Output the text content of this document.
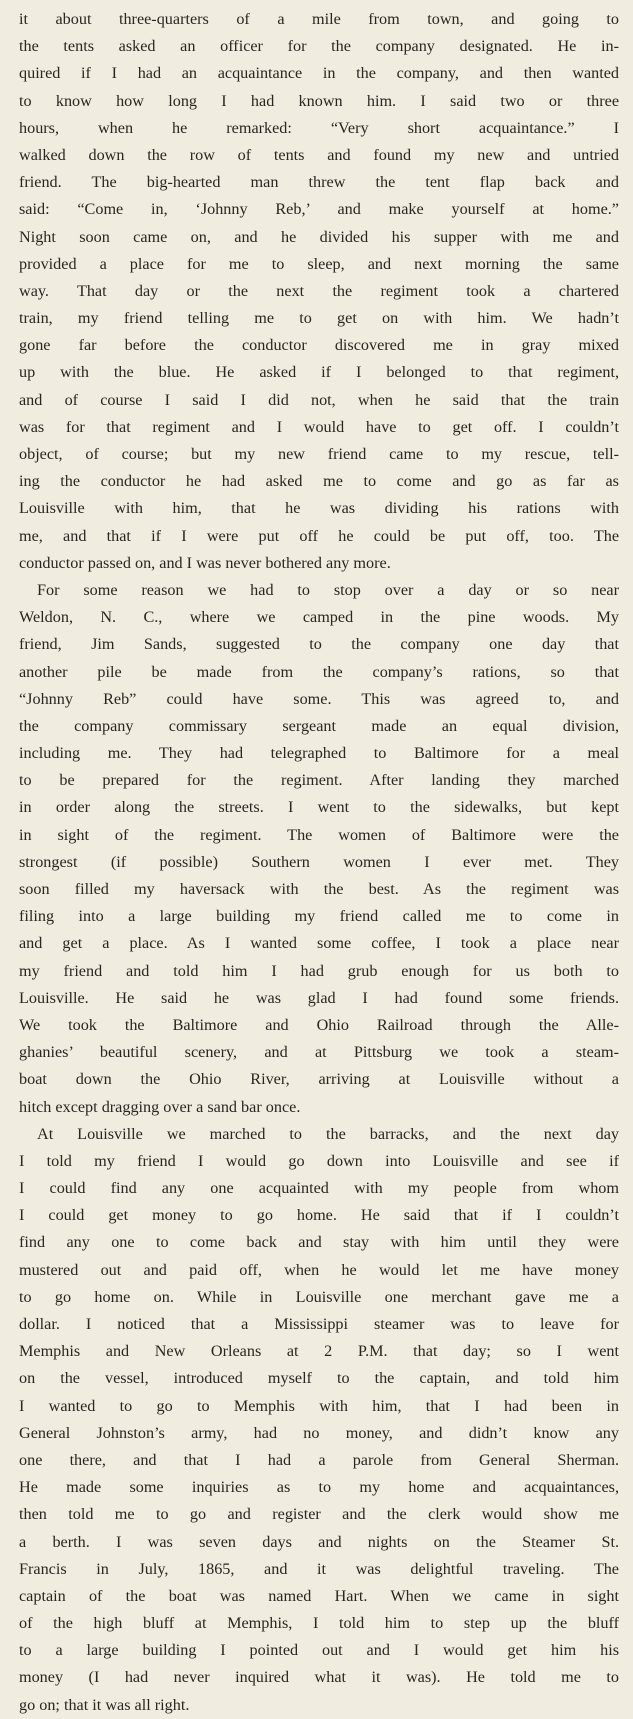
it about three-quarters of a mile from town, and going to
the tents asked an officer for the company designated. He in-
quired if I had an acquaintance in the company, and then wanted
to know how long I had known him. I said two or three
hours, when he remarked: “Very short acquaintance.” I
walked down the row of tents and found my new and untried
friend. The big-hearted man threw the tent flap back and
said: “Come in, ‘Johnny Reb,’ and make yourself at home.”
Night soon came on, and he divided his supper with me and
provided a place for me to sleep, and next morning the same
way. That day or the next the regiment took a chartered
train, my friend telling me to get on with him. We hadn’t
gone far before the conductor discovered me in gray mixed
up with the blue. He asked if I belonged to that regiment,
and of course I said I did not, when he said that the train
was for that regiment and I would have to get off. I couldn’t
object, of course; but my new friend came to my rescue, tell-
ing the conductor he had asked me to come and go as far as
Louisville with him, that he was dividing his rations with
me, and that if I were put off he could be put off, too. The
conductor passed on, and I was never bothered any more.
For some reason we had to stop over a day or so near
Weldon, N. C., where we camped in the pine woods. My
friend, Jim Sands, suggested to the company one day that
another pile be made from the company’s rations, so that
“Johnny Reb” could have some. This was agreed to, and
the company commissary sergeant made an equal division,
including me. They had telegraphed to Baltimore for a meal
to be prepared for the regiment. After landing they marched
in order along the streets. I went to the sidewalks, but kept
in sight of the regiment. The women of Baltimore were the
strongest (if possible) Southern women I ever met. They
soon filled my haversack with the best. As the regiment was
filing into a large building my friend called me to come in
and get a place. As I wanted some coffee, I took a place near
my friend and told him I had grub enough for us both to
Louisville. He said he was glad I had found some friends.
We took the Baltimore and Ohio Railroad through the Alle-
ghanies’ beautiful scenery, and at Pittsburg we took a steam-
boat down the Ohio River, arriving at Louisville without a
hitch except dragging over a sand bar once.
At Louisville we marched to the barracks, and the next day
I told my friend I would go down into Louisville and see if
I could find any one acquainted with my people from whom
I could get money to go home. He said that if I couldn’t
find any one to come back and stay with him until they were
mustered out and paid off, when he would let me have money
to go home on. While in Louisville one merchant gave me a
dollar. I noticed that a Mississippi steamer was to leave for
Memphis and New Orleans at 2 P.M. that day; so I went
on the vessel, introduced myself to the captain, and told him
I wanted to go to Memphis with him, that I had been in
General Johnston’s army, had no money, and didn’t know any
one there, and that I had a parole from General Sherman.
He made some inquiries as to my home and acquaintances,
then told me to go and register and the clerk would show me
a berth. I was seven days and nights on the Steamer St.
Francis in July, 1865, and it was delightful traveling. The
captain of the boat was named Hart. When we came in sight
of the high bluff at Memphis, I told him to step up the bluff
to a large building I pointed out and I would get him his
money (I had never inquired what it was). He told me to
go on; that it was all right.
